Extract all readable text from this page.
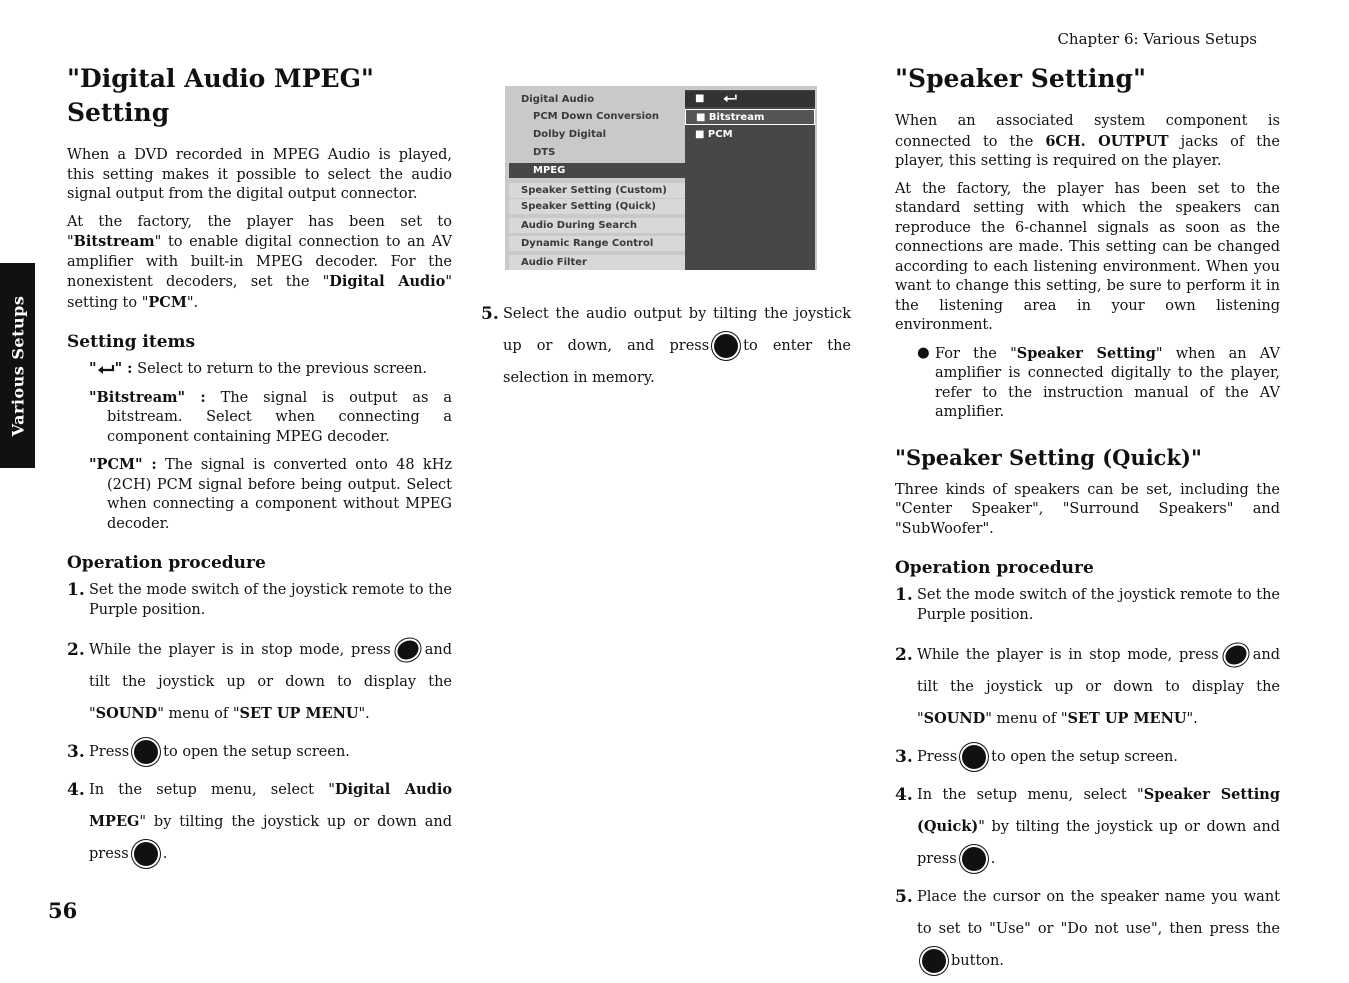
Chapter 6: Various Setups
Various Setups
56
"Digital Audio MPEG" Setting

When a DVD recorded in MPEG Audio is played, this setting makes it possible to select the audio signal output from the digital output connector.

At the factory, the player has been set to "Bitstream" to enable digital connection to an AV amplifier with built-in MPEG decoder. For the nonexistent decoders, set the "Digital Audio" setting to "PCM".

Setting items
" " : Select to return to the previous screen.
"Bitstream" : The signal is output as a bitstream. Select when connecting a component containing MPEG decoder.
"PCM" : The signal is converted onto 48 kHz (2CH) PCM signal before being output. Select when connecting a component without MPEG decoder.
Operation procedure
1. Set the mode switch of the joystick remote to the Purple position.
2. While the player is in stop mode, press and tilt the joystick up or down to display the "SOUND" menu of "SET UP MENU".
3. Press to open the setup screen.
4. In the setup menu, select "Digital Audio MPEG" by tilting the joystick up or down and press .
Digital Audio
PCM Down Conversion
Dolby Digital
DTS
MPEG
Speaker Setting (Custom)
Speaker Setting (Quick)
Audio During Search
Dynamic Range Control
Audio Filter
■
■ Bitstream
■ PCM
5. Select the audio output by tilting the joystick up or down, and press to enter the selection in memory.
"Speaker Setting"

When an associated system component is connected to the 6CH. OUTPUT jacks of the player, this setting is required on the player.

At the factory, the player has been set to the standard setting with which the speakers can reproduce the 6-channel signals as soon as the connections are made. This setting can be changed according to each listening environment. When you want to change this setting, be sure to perform it in the listening area in your own listening environment.

● For the "Speaker Setting" when an AV amplifier is connected digitally to the player, refer to the instruction manual of the AV amplifier.
"Speaker Setting (Quick)"

Three kinds of speakers can be set, including the "Center Speaker", "Surround Speakers" and "SubWoofer".

Operation procedure
1. Set the mode switch of the joystick remote to the Purple position.
2. While the player is in stop mode, press and tilt the joystick up or down to display the "SOUND" menu of "SET UP MENU".
3. Press to open the setup screen.
4. In the setup menu, select "Speaker Setting (Quick)" by tilting the joystick up or down and press .
5. Place the cursor on the speaker name you want to set to "Use" or "Do not use", then press thebutton.
